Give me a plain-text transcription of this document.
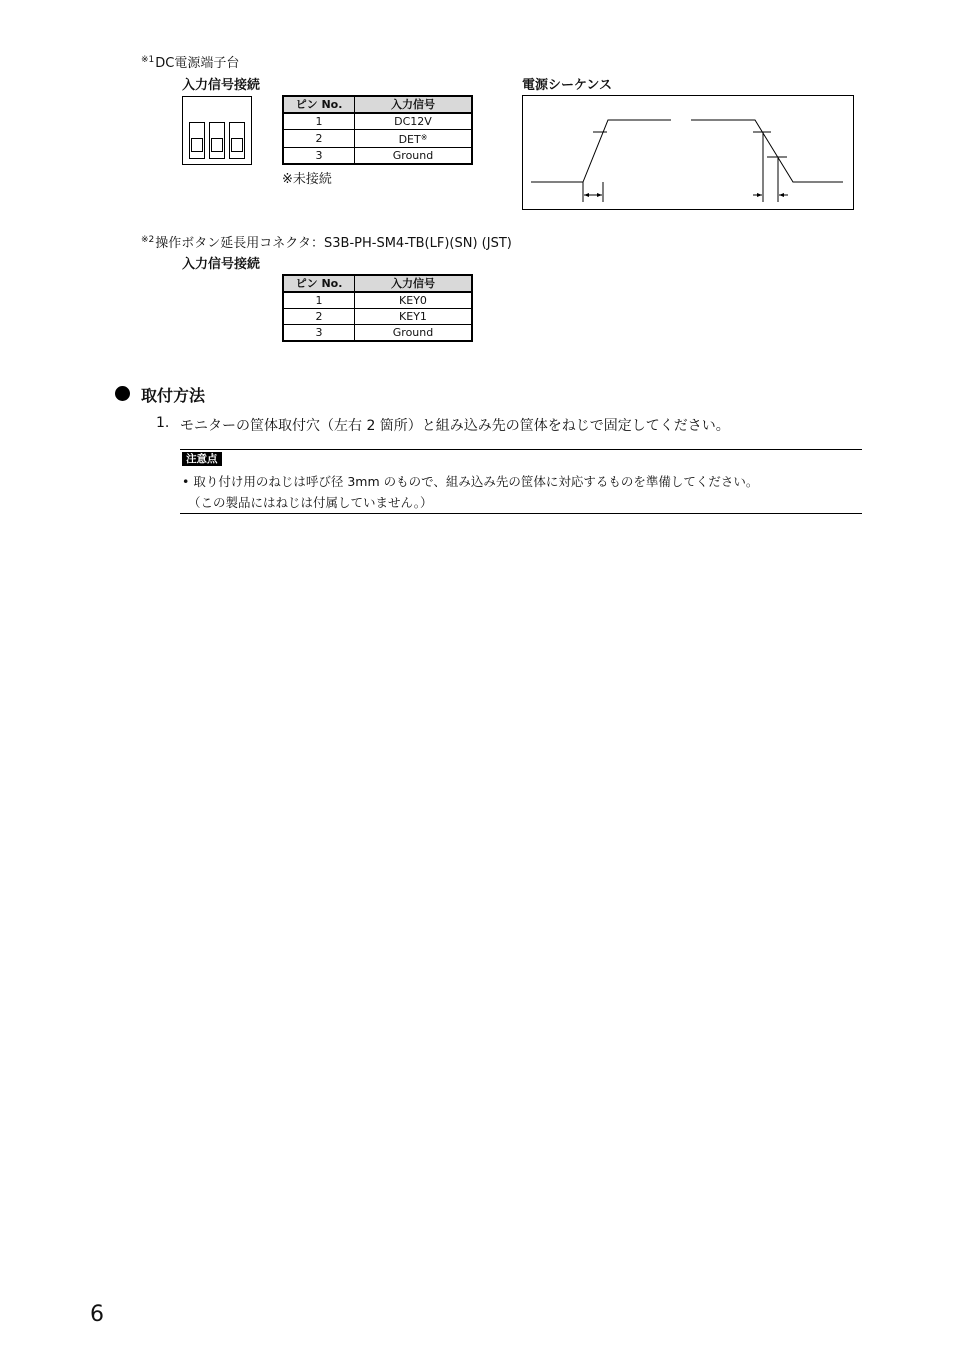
$^{※1}$DC電源端子台
入力信号接続
ピン No.	入力信号
1	DC12V
2	DET※
3	Ground
※未接続
電源シーケンス
$^{※2}$操作ボタン延長用コネクタ：S3B-PH-SM4-TB(LF)(SN) (JST)
入力信号接続
ピン No.	入力信号
1	KEY0
2	KEY1
3	Ground
取付方法
1. モニターの筐体取付穴（左右 2 箇所）と組み込み先の筐体をねじで固定してください。
注意点
• 取り付け用のねじは呼び径 3mm のもので、組み込み先の筐体に対応するものを準備してください。
（この製品にはねじは付属していません。）
6
